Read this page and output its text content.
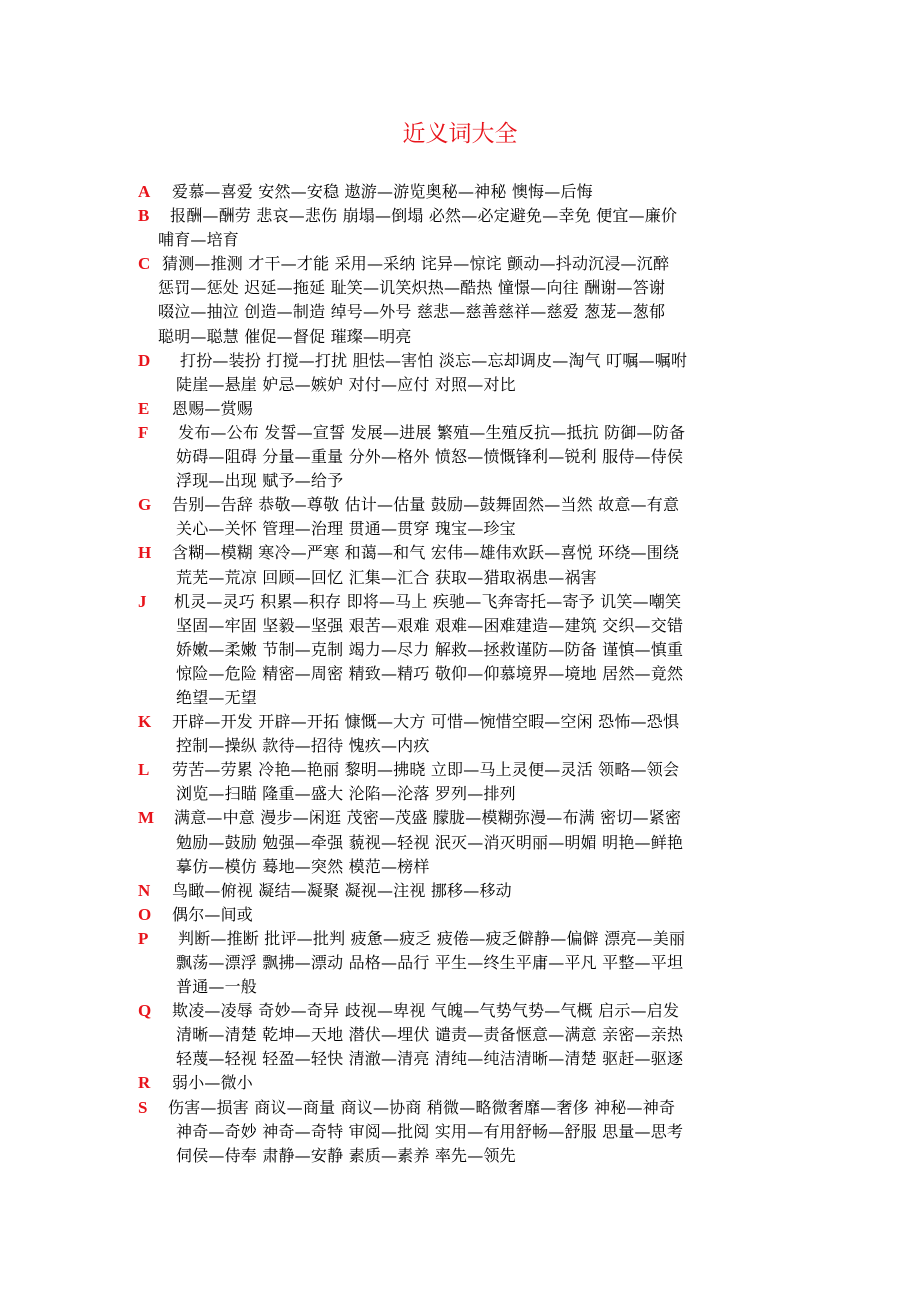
近义词大全
A	爱慕—喜爱 安然—安稳 遨游—游览奥秘—神秘 懊悔—后悔
B	报酬—酬劳 悲哀—悲伤 崩塌—倒塌 必然—必定避免—幸免 便宜—廉价
哺育—培育
C 猜测—推测 才干—才能 采用—采纳 诧异—惊诧 颤动—抖动沉浸—沉醉
惩罚—惩处 迟延—拖延 耻笑—讥笑炽热—酷热 憧憬—向往 酬谢—答谢
啜泣—抽泣 创造—制造 绰号—外号 慈悲—慈善慈祥—慈爱 葱茏—葱郁
聪明—聪慧 催促—督促 璀璨—明亮
D	打扮—装扮 打搅—打扰 胆怯—害怕 淡忘—忘却调皮—淘气 叮嘱—嘱咐
陡崖—悬崖 妒忌—嫉妒 对付—应付 对照—对比
E	恩赐—赏赐
F	发布—公布 发誓—宣誓 发展—进展 繁殖—生殖反抗—抵抗 防御—防备
妨碍—阻碍 分量—重量 分外—格外 愤怒—愤慨锋利—锐利 服侍—侍侯
浮现—出现 赋予—给予
G	告别—告辞 恭敬—尊敬 估计—估量 鼓励—鼓舞固然—当然 故意—有意
关心—关怀 管理—治理 贯通—贯穿 瑰宝—珍宝
H	含糊—模糊 寒冷—严寒 和蔼—和气 宏伟—雄伟欢跃—喜悦 环绕—围绕
荒芜—荒凉 回顾—回忆 汇集—汇合 获取—猎取祸患—祸害
J	机灵—灵巧 积累—积存 即将—马上 疾驰—飞奔寄托—寄予 讥笑—嘲笑
坚固—牢固 坚毅—坚强 艰苦—艰难 艰难—困难建造—建筑 交织—交错
娇嫩—柔嫩 节制—克制 竭力—尽力 解救—拯救谨防—防备 谨慎—慎重
惊险—危险 精密—周密 精致—精巧 敬仰—仰慕境界—境地 居然—竟然
绝望—无望
K	开辟—开发 开辟—开拓 慷慨—大方 可惜—惋惜空暇—空闲 恐怖—恐惧
控制—操纵 款待—招待 愧疚—内疚
L	劳苦—劳累 冷艳—艳丽 黎明—拂晓 立即—马上灵便—灵活 领略—领会
浏览—扫瞄 隆重—盛大 沦陷—沦落 罗列—排列
M	满意—中意 漫步—闲逛 茂密—茂盛 朦胧—模糊弥漫—布满 密切—紧密
勉励—鼓励 勉强—牵强 藐视—轻视 泯灭—消灭明丽—明媚 明艳—鲜艳
摹仿—模仿 蓦地—突然 模范—榜样
N	鸟瞰—俯视 凝结—凝聚 凝视—注视 挪移—移动
O	偶尔—间或
P	判断—推断 批评—批判 疲惫—疲乏 疲倦—疲乏僻静—偏僻 漂亮—美丽
飘荡—漂浮 飘拂—漂动 品格—品行 平生—终生平庸—平凡 平整—平坦
普通—一般
Q	欺凌—凌辱 奇妙—奇异 歧视—卑视 气魄—气势气势—气概 启示—启发
清晰—清楚 乾坤—天地 潜伏—埋伏 谴责—责备惬意—满意 亲密—亲热
轻蔑—轻视 轻盈—轻快 清澈—清亮 清纯—纯洁清晰—清楚 驱赶—驱逐
R	弱小—微小
S	伤害—损害 商议—商量 商议—协商 稍微—略微奢靡—奢侈 神秘—神奇
神奇—奇妙 神奇—奇特 审阅—批阅 实用—有用舒畅—舒服 思量—思考
伺侯—侍奉 肃静—安静 素质—素养 率先—领先
